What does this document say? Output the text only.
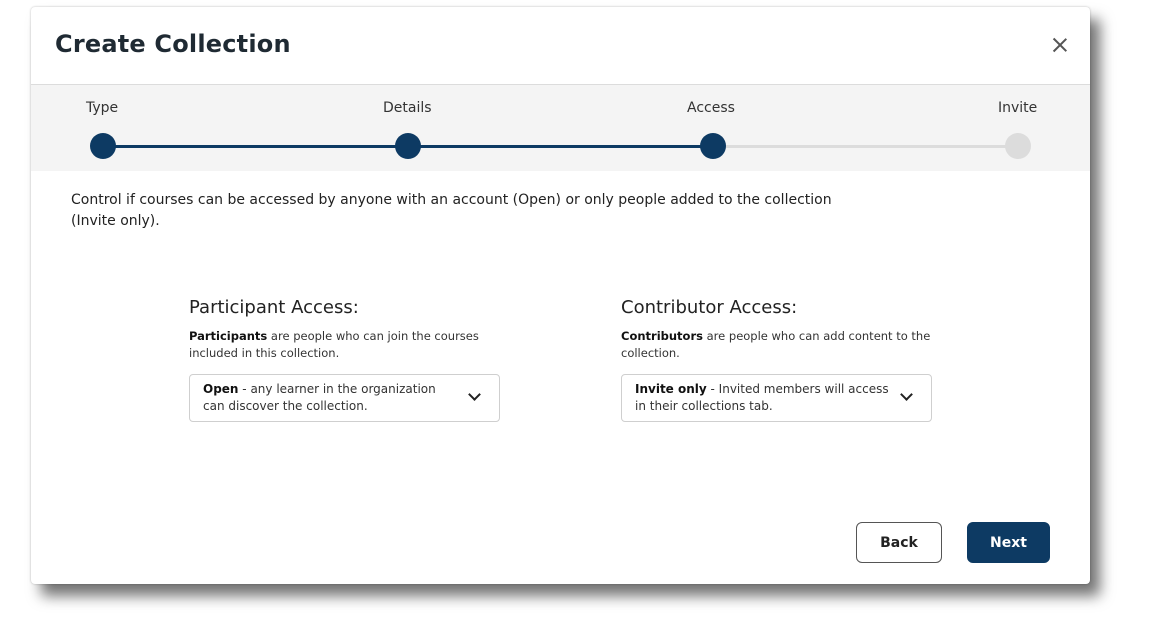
Create Collection
Type	Details	Access	Invite
Control if courses can be accessed by anyone with an account (Open) or only people added to the collection (Invite only).
Participant Access:

Participants are people who can join the courses included in this collection.

Open - any learner in the organization can discover the collection.
Contributor Access:

Contributors are people who can add content to the collection.

Invite only - Invited members will access in their collections tab.
Back	Next
